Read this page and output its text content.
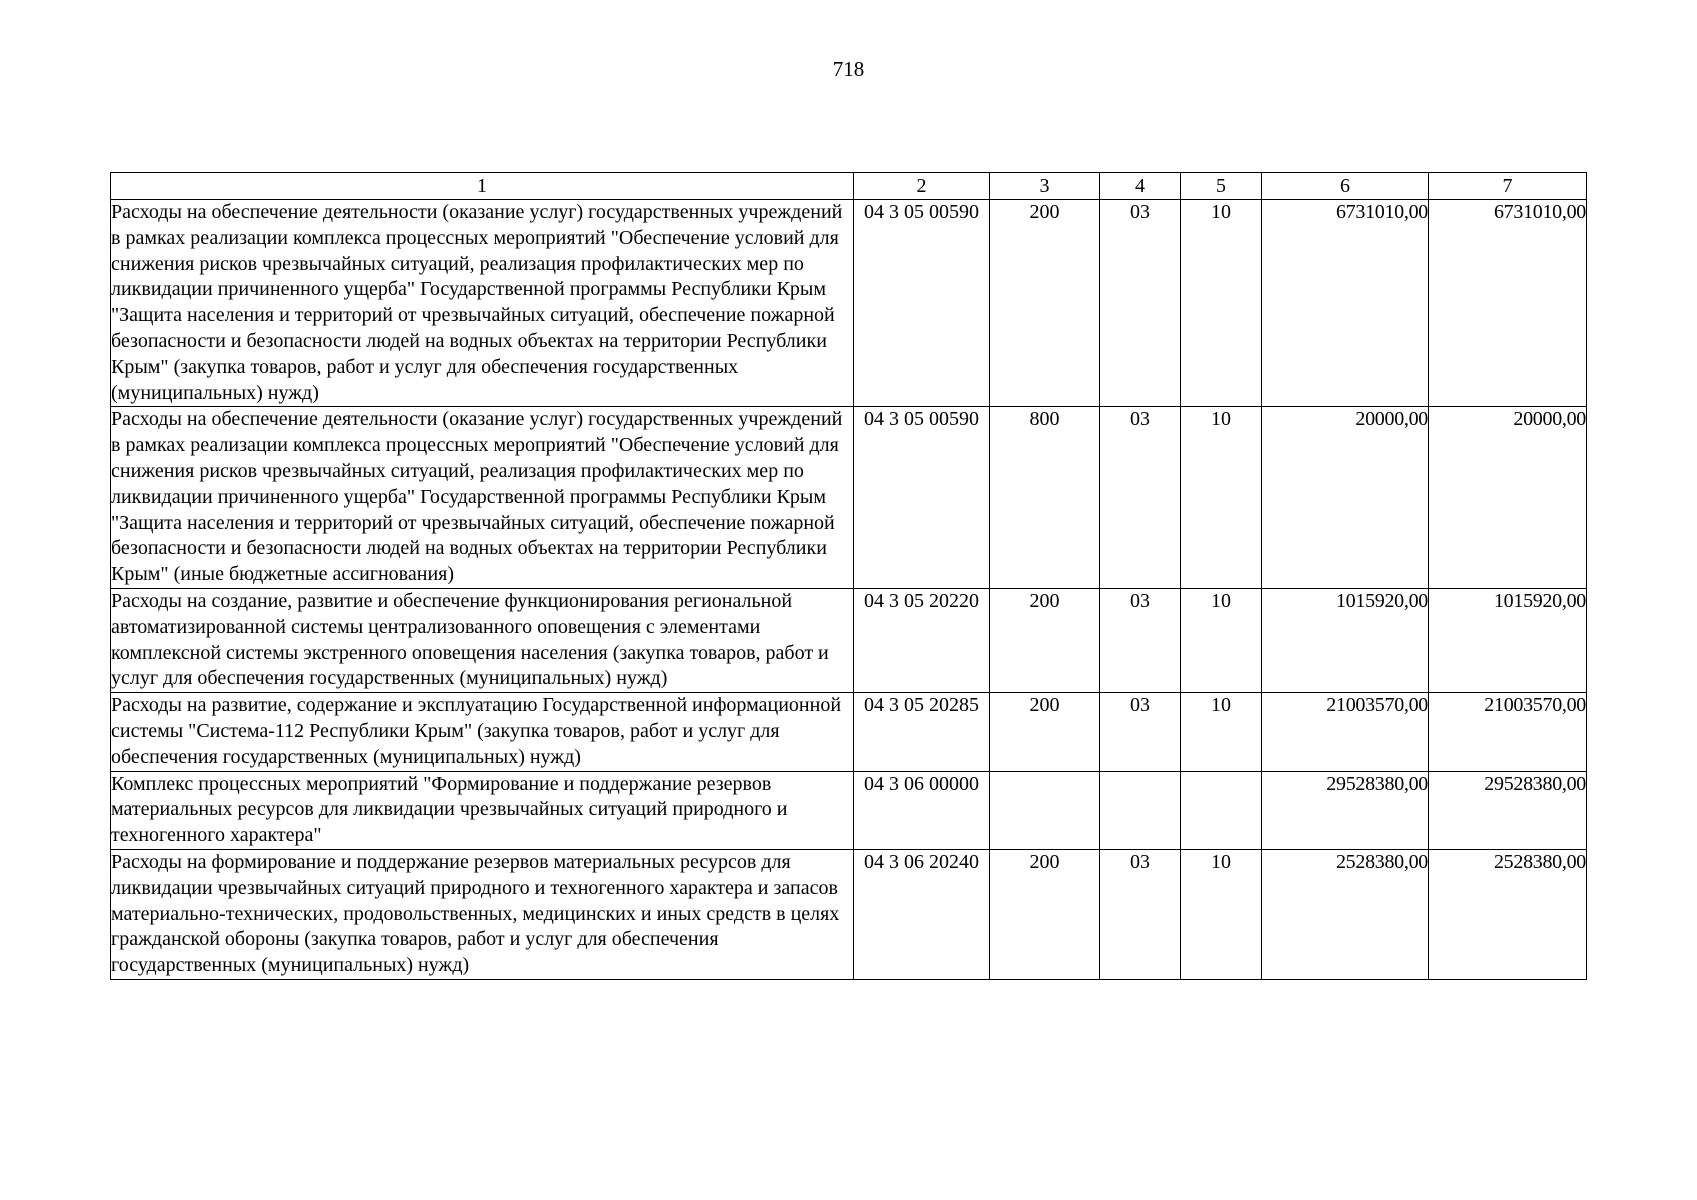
718
1	2	3	4	5	6	7
Расходы на обеспечение деятельности (оказание услуг) государственных учреждений в рамках реализации комплекса процессных мероприятий "Обеспечение условий для снижения рисков чрезвычайных ситуаций, реализация профилактических мер по ликвидации причиненного ущерба" Государственной программы Республики Крым "Защита населения и территорий от чрезвычайных ситуаций, обеспечение пожарной безопасности и безопасности людей на водных объектах на территории Республики Крым" (закупка товаров, работ и услуг для обеспечения государственных (муниципальных) нужд)	04 3 05 00590	200	03	10	6731010,00	6731010,00
Расходы на обеспечение деятельности (оказание услуг) государственных учреждений в рамках реализации комплекса процессных мероприятий "Обеспечение условий для снижения рисков чрезвычайных ситуаций, реализация профилактических мер по ликвидации причиненного ущерба" Государственной программы Республики Крым "Защита населения и территорий от чрезвычайных ситуаций, обеспечение пожарной безопасности и безопасности людей на водных объектах на территории Республики Крым" (иные бюджетные ассигнования)	04 3 05 00590	800	03	10	20000,00	20000,00
Расходы на создание, развитие и обеспечение функционирования региональной автоматизированной системы централизованного оповещения с элементами комплексной системы экстренного оповещения населения (закупка товаров, работ и услуг для обеспечения государственных (муниципальных) нужд)	04 3 05 20220	200	03	10	1015920,00	1015920,00
Расходы на развитие, содержание и эксплуатацию Государственной информационной системы "Система-112 Республики Крым" (закупка товаров, работ и услуг для обеспечения государственных (муниципальных) нужд)	04 3 05 20285	200	03	10	21003570,00	21003570,00
Комплекс процессных мероприятий "Формирование и поддержание резервов материальных ресурсов для ликвидации чрезвычайных ситуаций природного и техногенного характера"	04 3 06 00000				29528380,00	29528380,00
Расходы на формирование и поддержание резервов материальных ресурсов для ликвидации чрезвычайных ситуаций природного и техногенного характера и запасов материально-технических, продовольственных, медицинских и иных средств в целях гражданской обороны (закупка товаров, работ и услуг для обеспечения государственных (муниципальных) нужд)	04 3 06 20240	200	03	10	2528380,00	2528380,00
